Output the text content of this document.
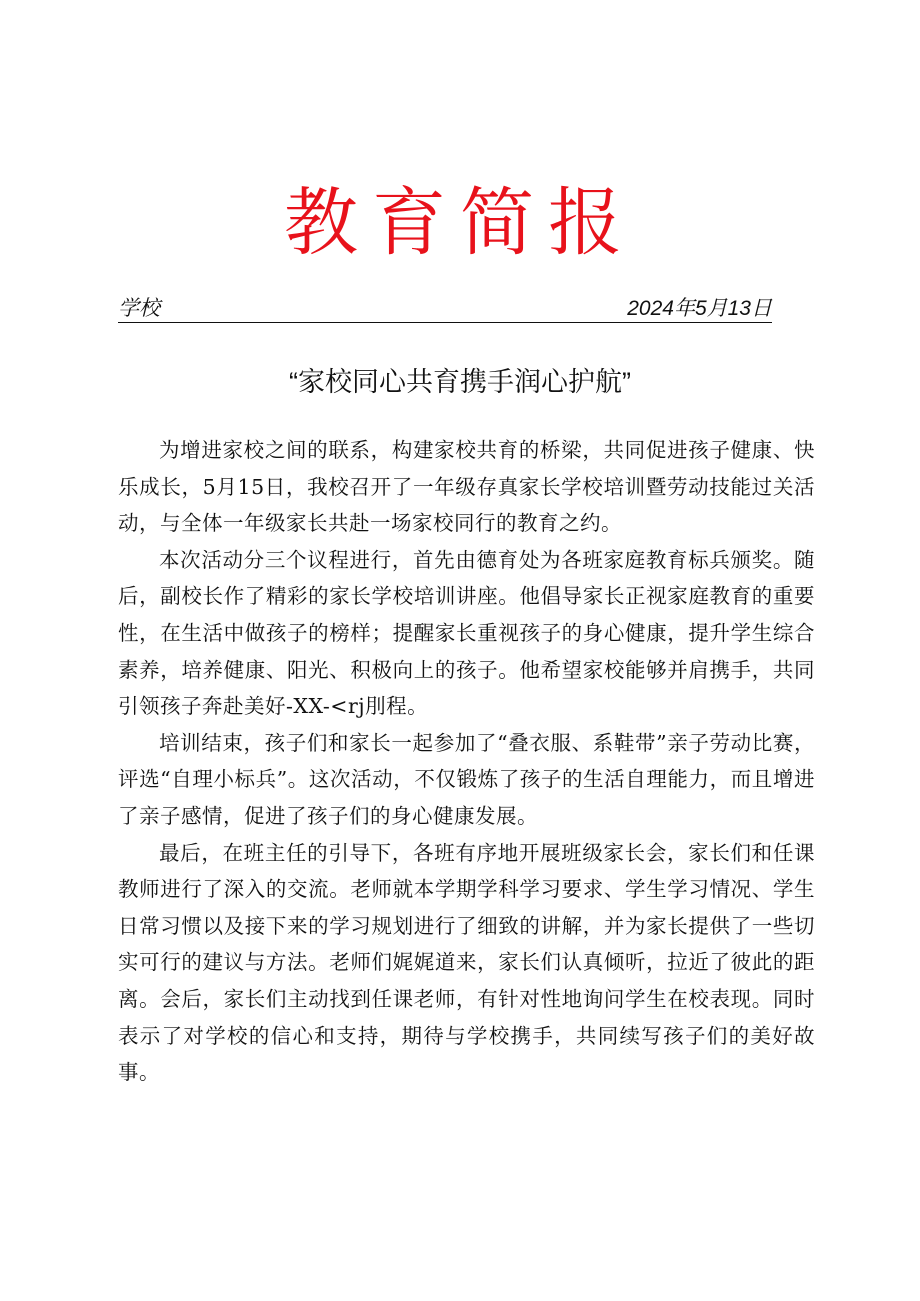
教育简报
学校	2024年5月13日
“家校同心共育携手润心护航”

为增进家校之间的联系，构建家校共育的桥梁，共同促进孩子健康、快乐成长，5月15日，我校召开了一年级存真家长学校培训暨劳动技能过关活动，与全体一年级家长共赴一场家校同行的教育之约。

本次活动分三个议程进行，首先由德育处为各班家庭教育标兵颁奖。随后，副校长作了精彩的家长学校培训讲座。他倡导家长正视家庭教育的重要性，在生活中做孩子的榜样；提醒家长重视孩子的身心健康，提升学生综合素养，培养健康、阳光、积极向上的孩子。他希望家校能够并肩携手，共同引领孩子奔赴美好-XX-<rj刖程。

培训结束，孩子们和家长一起参加了“叠衣服、系鞋带”亲子劳动比赛，评选“自理小标兵”。这次活动，不仅锻炼了孩子的生活自理能力，而且增进了亲子感情，促进了孩子们的身心健康发展。

最后，在班主任的引导下，各班有序地开展班级家长会，家长们和任课教师进行了深入的交流。老师就本学期学科学习要求、学生学习情况、学生日常习惯以及接下来的学习规划进行了细致的讲解，并为家长提供了一些切实可行的建议与方法。老师们娓娓道来，家长们认真倾听，拉近了彼此的距离。会后，家长们主动找到任课老师，有针对性地询问学生在校表现。同时表示了对学校的信心和支持，期待与学校携手，共同续写孩子们的美好故事。
